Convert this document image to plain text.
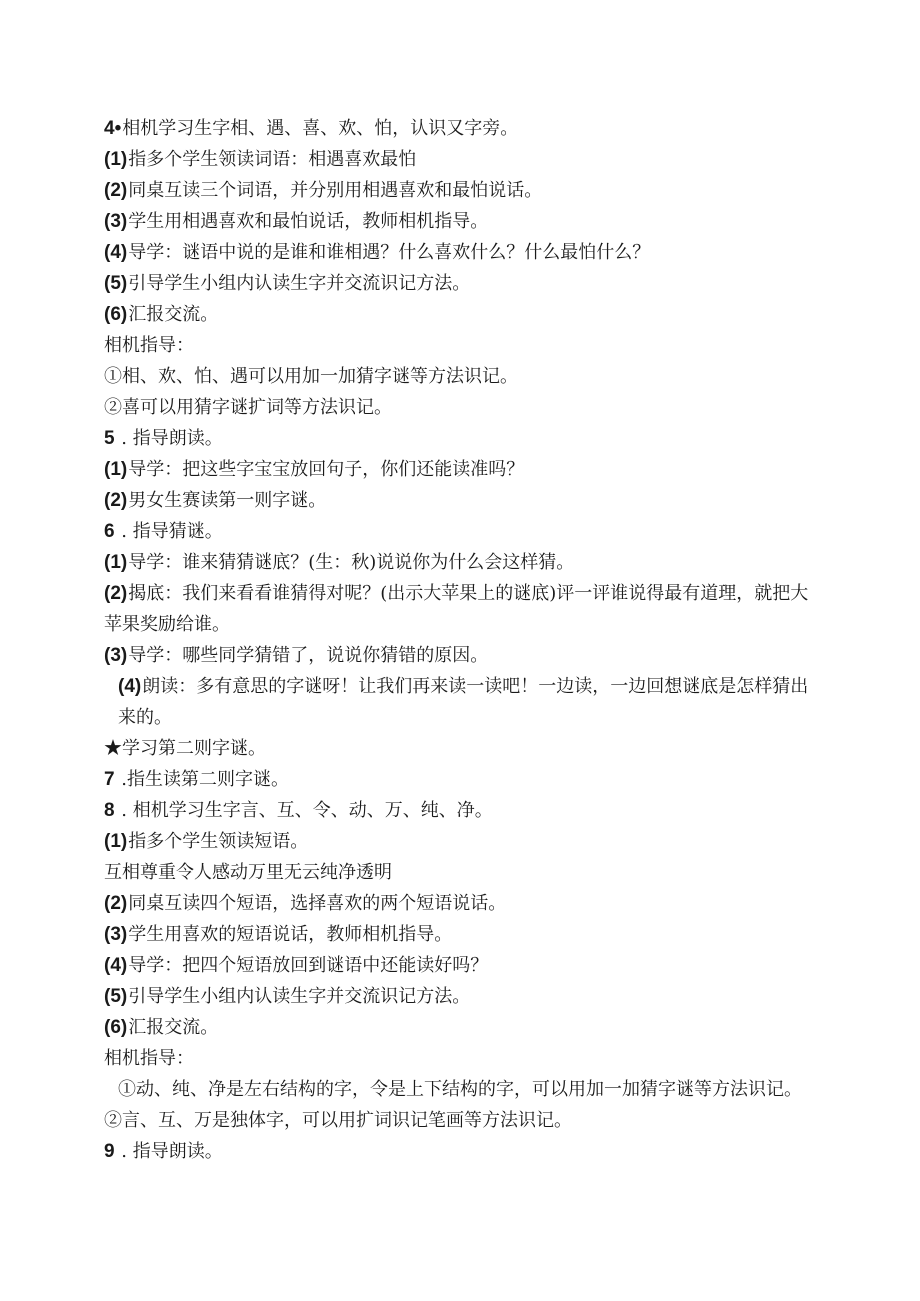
4•相机学习生字相、遇、喜、欢、怕，认识又字旁。
(1)指多个学生领读词语：相遇喜欢最怕
(2)同桌互读三个词语，并分别用相遇喜欢和最怕说话。
(3)学生用相遇喜欢和最怕说话，教师相机指导。
(4)导学：谜语中说的是谁和谁相遇？什么喜欢什么？什么最怕什么？
(5)引导学生小组内认读生字并交流识记方法。
(6)汇报交流。
相机指导：
①相、欢、怕、遇可以用加一加猜字谜等方法识记。
②喜可以用猜字谜扩词等方法识记。
5 . 指导朗读。
(1)导学：把这些字宝宝放回句子，你们还能读准吗？
(2)男女生赛读第一则字谜。
6 . 指导猜谜。
(1)导学：谁来猜猜谜底？(生：秋)说说你为什么会这样猜。
(2)揭底：我们来看看谁猜得对呢？(出示大苹果上的谜底)评一评谁说得最有道理，就把大苹果奖励给谁。
(3)导学：哪些同学猜错了，说说你猜错的原因。
(4)朗读：多有意思的字谜呀！让我们再来读一读吧！一边读，一边回想谜底是怎样猜出来的。
★学习第二则字谜。
7 .指生读第二则字谜。
8 . 相机学习生字言、互、令、动、万、纯、净。
(1)指多个学生领读短语。
互相尊重令人感动万里无云纯净透明
(2)同桌互读四个短语，选择喜欢的两个短语说话。
(3)学生用喜欢的短语说话，教师相机指导。
(4)导学：把四个短语放回到谜语中还能读好吗？
(5)引导学生小组内认读生字并交流识记方法。
(6)汇报交流。
相机指导：
①动、纯、净是左右结构的字，令是上下结构的字，可以用加一加猜字谜等方法识记。
②言、互、万是独体字，可以用扩词识记笔画等方法识记。
9 . 指导朗读。
